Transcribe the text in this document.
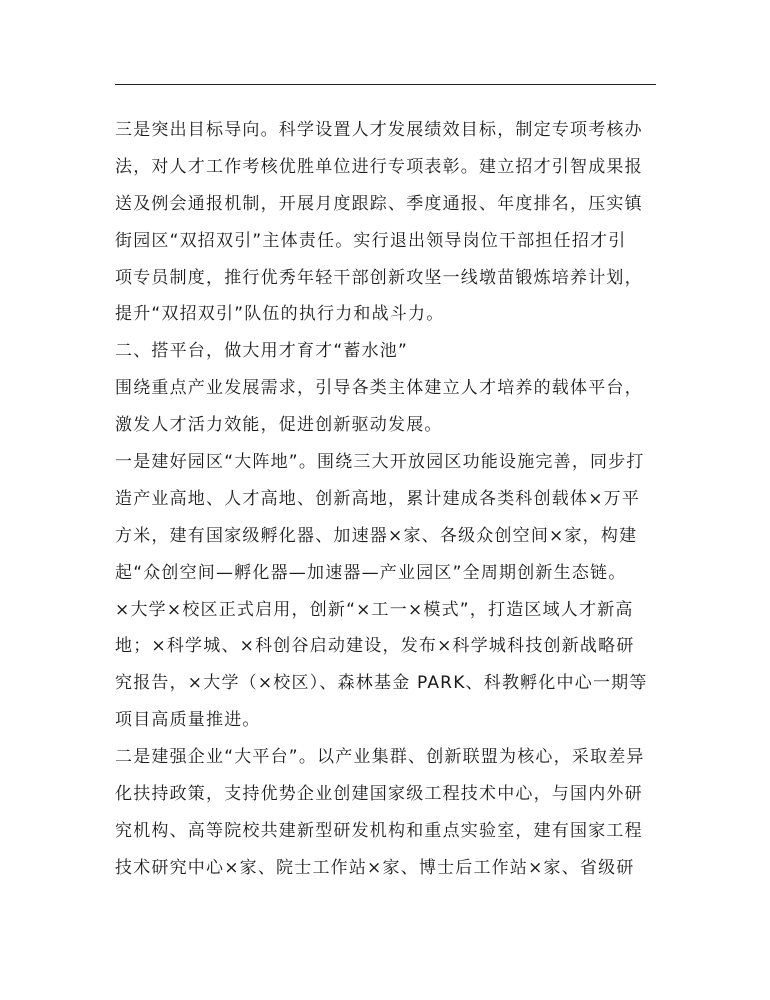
三是突出目标导向。科学设置人才发展绩效目标，制定专项考核办
法，对人才工作考核优胜单位进行专项表彰。建立招才引智成果报
送及例会通报机制，开展月度跟踪、季度通报、年度排名，压实镇
街园区“双招双引”主体责任。实行退出领导岗位干部担任招才引
项专员制度，推行优秀年轻干部创新攻坚一线墩苗锻炼培养计划，
提升“双招双引”队伍的执行力和战斗力。
二、搭平台，做大用才育才“蓄水池”
围绕重点产业发展需求，引导各类主体建立人才培养的载体平台，
激发人才活力效能，促进创新驱动发展。
一是建好园区“大阵地”。围绕三大开放园区功能设施完善，同步打
造产业高地、人才高地、创新高地，累计建成各类科创载体×万平
方米，建有国家级孵化器、加速器×家、各级众创空间×家，构建
起“众创空间—孵化器—加速器—产业园区”全周期创新生态链。
×大学×校区正式启用，创新“×工一×模式”，打造区域人才新高
地；×科学城、×科创谷启动建设，发布×科学城科技创新战略研
究报告，×大学（×校区）、森林基金 PARK、科教孵化中心一期等
项目高质量推进。
二是建强企业“大平台”。以产业集群、创新联盟为核心，采取差异
化扶持政策，支持优势企业创建国家级工程技术中心，与国内外研
究机构、高等院校共建新型研发机构和重点实验室，建有国家工程
技术研究中心×家、院士工作站×家、博士后工作站×家、省级研
